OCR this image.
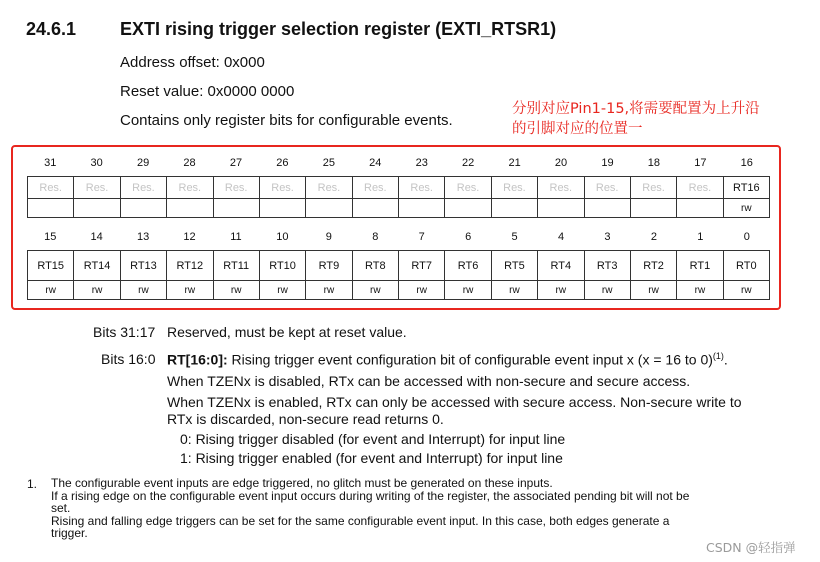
24.6.1 EXTI rising trigger selection register (EXTI_RTSR1)
Address offset: 0x000
Reset value: 0x0000 0000
Contains only register bits for configurable events.
分别对应Pin1-15,将需要配置为上升沿
的引脚对应的位置一
31	30	29	28	27	26	25	24	23	22	21	20	19	18	17	16
Res.	Res.	Res.	Res.	Res.	Res.	Res.	Res.	Res.	Res.	Res.	Res.	Res.	Res.	Res.	RT16
															rw
15	14	13	12	11	10	9	8	7	6	5	4	3	2	1	0
RT15	RT14	RT13	RT12	RT11	RT10	RT9	RT8	RT7	RT6	RT5	RT4	RT3	RT2	RT1	RT0
rw	rw	rw	rw	rw	rw	rw	rw	rw	rw	rw	rw	rw	rw	rw	rw
Bits 31:17 Reserved, must be kept at reset value.
Bits 16:0 RT[16:0]: Rising trigger event configuration bit of configurable event input x (x = 16 to 0)$^{(1)}$.
When TZENx is disabled, RTx can be accessed with non-secure and secure access.
When TZENx is enabled, RTx can only be accessed with secure access. Non-secure write to
RTx is discarded, non-secure read returns 0.
0: Rising trigger disabled (for event and Interrupt) for input line
1: Rising trigger enabled (for event and Interrupt) for input line
1. The configurable event inputs are edge triggered, no glitch must be generated on these inputs.
If a rising edge on the configurable event input occurs during writing of the register, the associated pending bit will not be
set.
Rising and falling edge triggers can be set for the same configurable event input. In this case, both edges generate a
trigger.
CSDN @轻指弹
